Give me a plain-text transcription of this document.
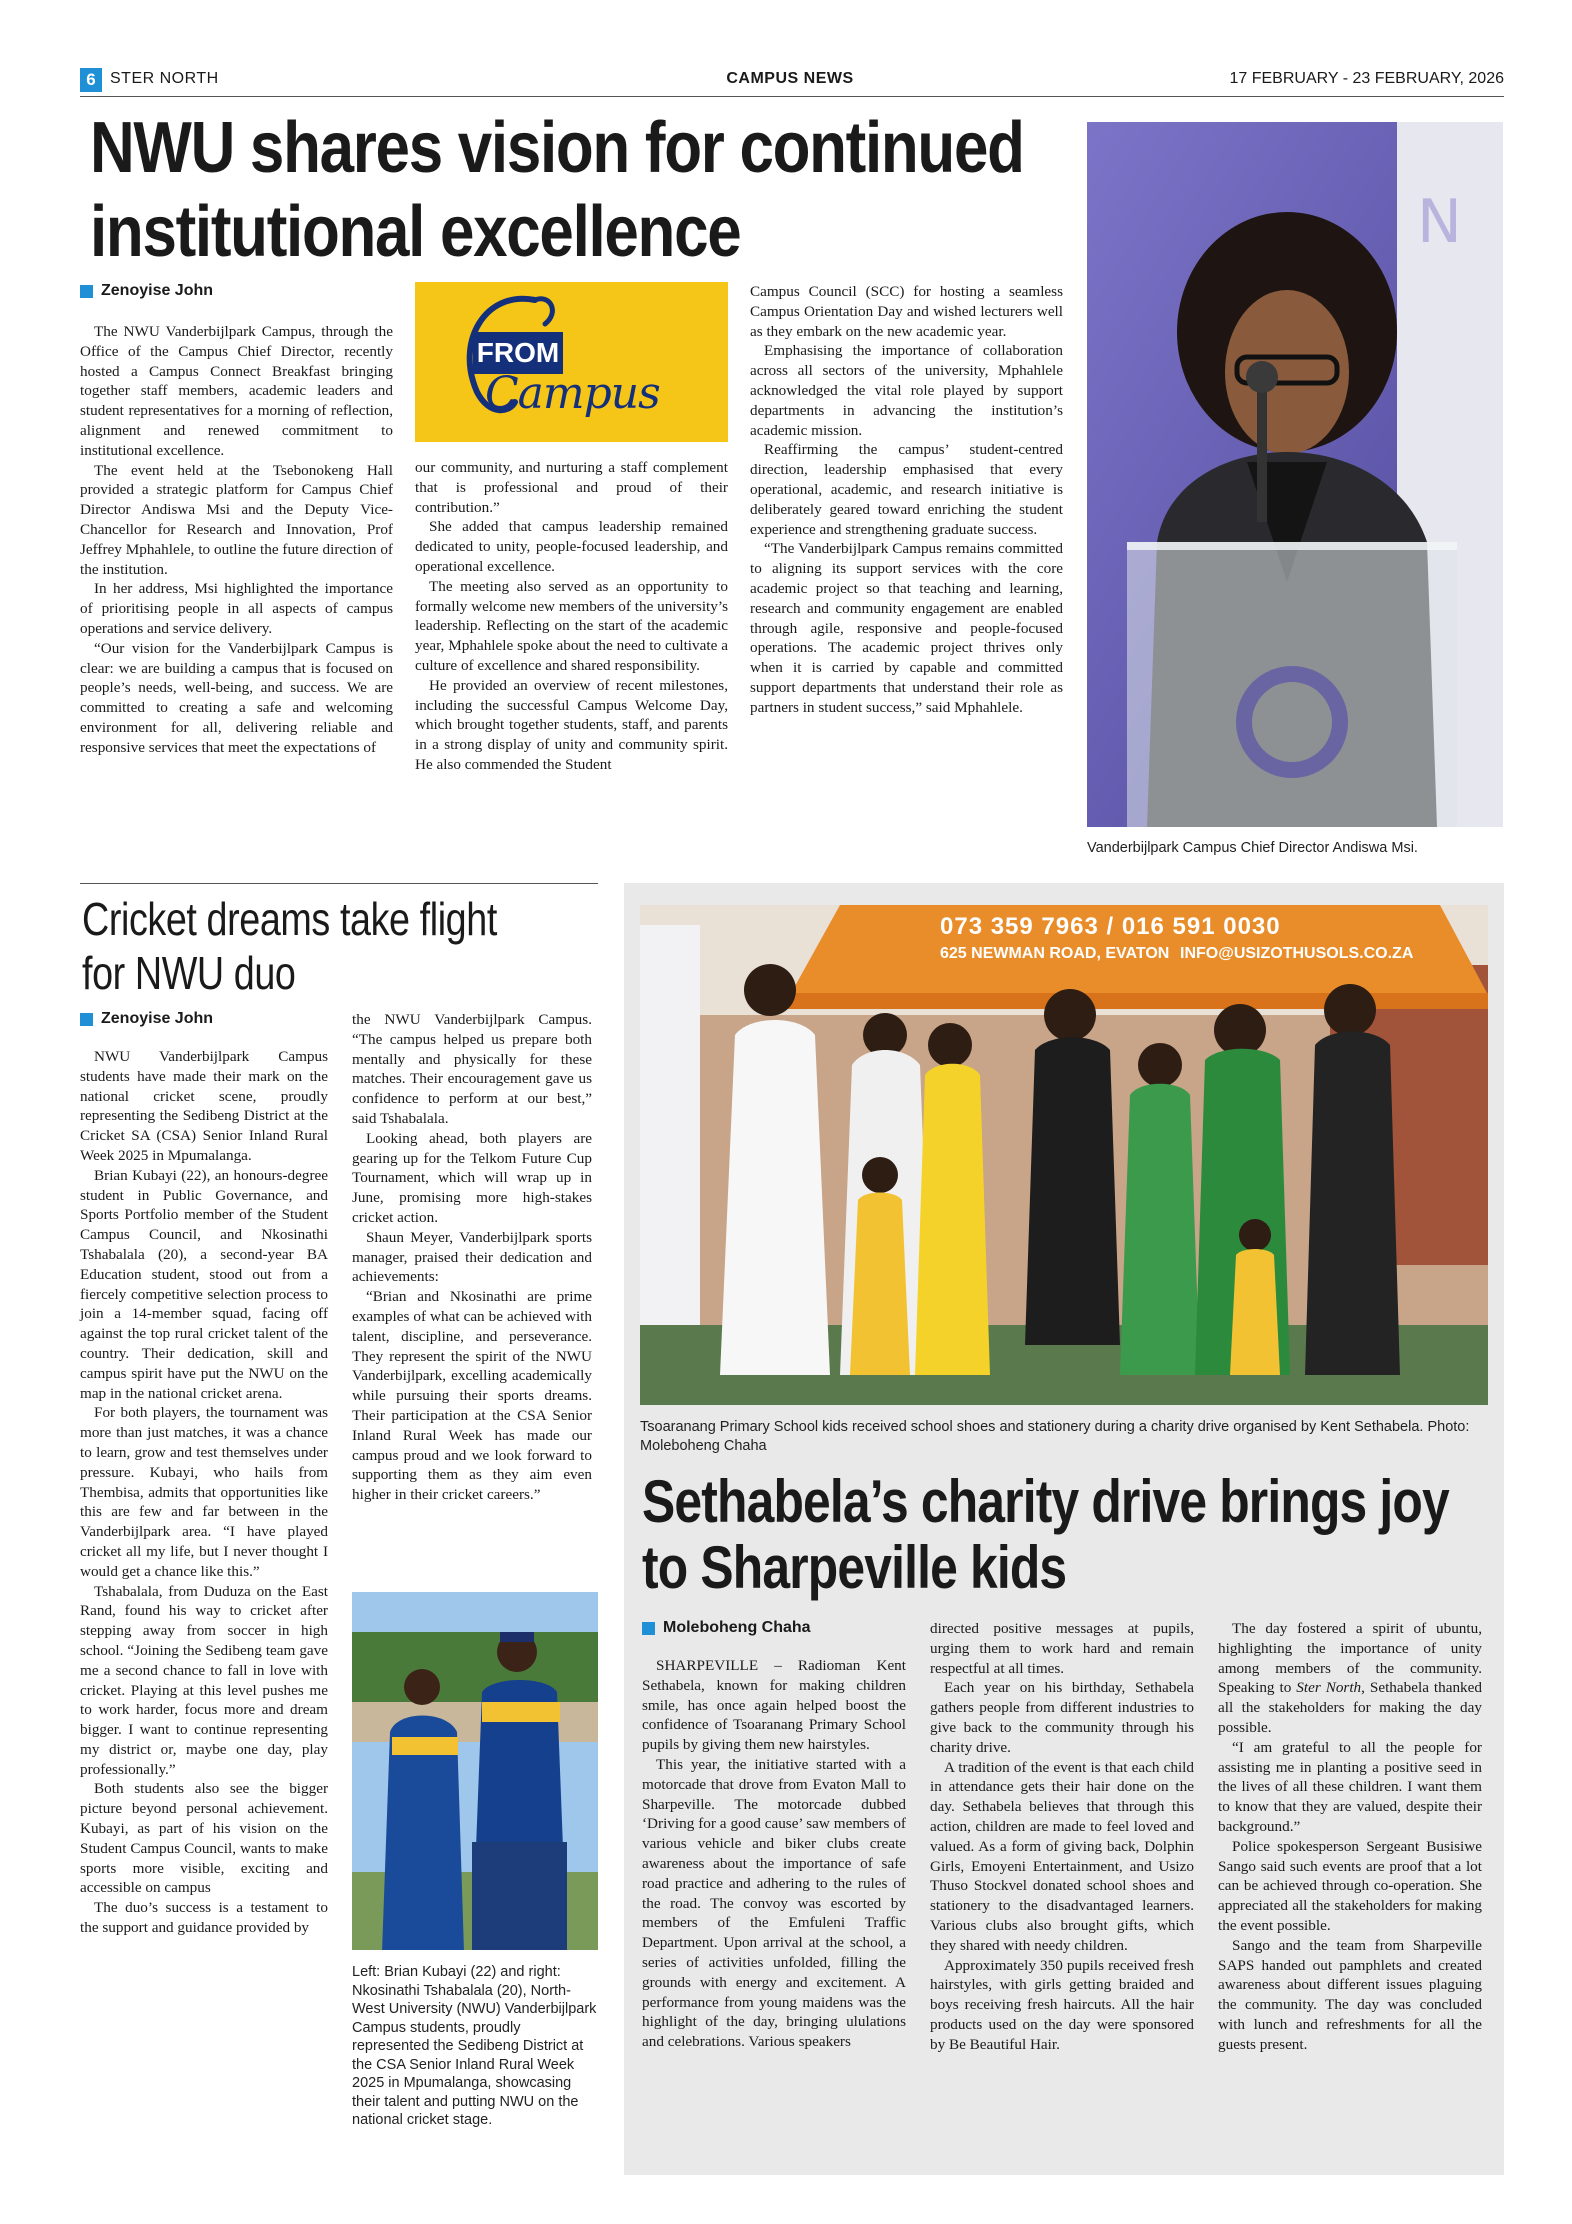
6 STER NORTH	CAMPUS NEWS	17 FEBRUARY - 23 FEBRUARY, 2026
NWU shares vision for continued
institutional excellence
Zenoyise John
FROM
Campus

The NWU Vanderbijlpark Campus, through the Office of the Campus Chief Director, recently hosted a Campus Connect Breakfast bringing together staff members, academic leaders and student representatives for a morning of reflection, alignment and renewed commitment to institutional excellence.

The event held at the Tsebonokeng Hall provided a strategic platform for Campus Chief Director Andiswa Msi and the Deputy Vice-Chancellor for Research and Innovation, Prof Jeffrey Mphahlele, to outline the future direction of the institution.

In her address, Msi highlighted the importance of prioritising people in all aspects of campus operations and service delivery.

“Our vision for the Vanderbijlpark Campus is clear: we are building a campus that is focused on people’s needs, well-being, and success. We are committed to creating a safe and welcoming environment for all, delivering reliable and responsive services that meet the expectations of

our community, and nurturing a staff complement that is professional and proud of their contribution.”

She added that campus leadership remained dedicated to unity, people-focused leadership, and operational excellence.

The meeting also served as an opportunity to formally welcome new members of the university’s leadership. Reflecting on the start of the academic year, Mphahlele spoke about the need to cultivate a culture of excellence and shared responsibility.

He provided an overview of recent milestones, including the successful Campus Welcome Day, which brought together students, staff, and parents in a strong display of unity and community spirit. He also commended the Student

Campus Council (SCC) for hosting a seamless Campus Orientation Day and wished lecturers well as they embark on the new academic year.

Emphasising the importance of collaboration across all sectors of the university, Mphahlele acknowledged the vital role played by support departments in advancing the institution’s academic mission.

Reaffirming the campus’ student-centred direction, leadership emphasised that every operational, academic, and research initiative is deliberately geared toward enriching the student experience and strengthening graduate success.

“The Vanderbijlpark Campus remains committed to aligning its support services with the core academic project so that teaching and learning, research and community engagement are enabled through agile, responsive and people-focused operations. The academic project thrives only when it is carried by capable and committed support departments that understand their role as partners in student success,” said Mphahlele.

N
Vanderbijlpark Campus Chief Director Andiswa Msi.
Cricket dreams take flight
for NWU duo
Zenoyise John

NWU Vanderbijlpark Campus students have made their mark on the national cricket scene, proudly representing the Sedibeng District at the Cricket SA (CSA) Senior Inland Rural Week 2025 in Mpumalanga.

Brian Kubayi (22), an honours-degree student in Public Governance, and Sports Portfolio member of the Student Campus Council, and Nkosinathi Tshabalala (20), a second-year BA Education student, stood out from a fiercely competitive selection process to join a 14-member squad, facing off against the top rural cricket talent of the country. Their dedication, skill and campus spirit have put the NWU on the map in the national cricket arena.

For both players, the tournament was more than just matches, it was a chance to learn, grow and test themselves under pressure. Kubayi, who hails from Thembisa, admits that opportunities like this are few and far between in the Vanderbijlpark area. “I have played cricket all my life, but I never thought I would get a chance like this.”

Tshabalala, from Duduza on the East Rand, found his way to cricket after stepping away from soccer in high school. “Joining the Sedibeng team gave me a second chance to fall in love with cricket. Playing at this level pushes me to work harder, focus more and dream bigger. I want to continue representing my district or, maybe one day, play professionally.”

Both students also see the bigger picture beyond personal achievement. Kubayi, as part of his vision on the Student Campus Council, wants to make sports more visible, exciting and accessible on campus

The duo’s success is a testament to the support and guidance provided by

the NWU Vanderbijlpark Campus. “The campus helped us prepare both mentally and physically for these matches. Their encouragement gave us confidence to perform at our best,” said Tshabalala.

Looking ahead, both players are gearing up for the Telkom Future Cup Tournament, which will wrap up in June, promising more high-stakes cricket action.

Shaun Meyer, Vanderbijlpark sports manager, praised their dedication and achievements:

“Brian and Nkosinathi are prime examples of what can be achieved with talent, discipline, and perseverance. They represent the spirit of the NWU Vanderbijlpark, excelling academically while pursuing their sports dreams. Their participation at the CSA Senior Inland Rural Week has made our campus proud and we look forward to supporting them as they aim even higher in their cricket careers.”

Left: Brian Kubayi (22) and right: Nkosinathi Tshabalala (20), North-West University (NWU) Vanderbijlpark Campus students, proudly represented the Sedibeng District at the CSA Senior Inland Rural Week 2025 in Mpumalanga, showcasing their talent and putting NWU on the national cricket stage.
073 359 7963 / 016 591 0030
625 NEWMAN ROAD, EVATON INFO@USIZOTHUSOLS.CO.ZA
Tsoaranang Primary School kids received school shoes and stationery during a charity drive organised by Kent Sethabela. Photo: Moleboheng Chaha
Sethabela’s charity drive brings joy
to Sharpeville kids
Moleboheng Chaha

SHARPEVILLE – Radioman Kent Sethabela, known for making children smile, has once again helped boost the confidence of Tsoaranang Primary School pupils by giving them new hairstyles.

This year, the initiative started with a motorcade that drove from Evaton Mall to Sharpeville. The motorcade dubbed ‘Driving for a good cause’ saw members of various vehicle and biker clubs create awareness about the importance of safe road practice and adhering to the rules of the road. The convoy was escorted by members of the Emfuleni Traffic Department. Upon arrival at the school, a series of activities unfolded, filling the grounds with energy and excitement. A performance from young maidens was the highlight of the day, bringing ululations and celebrations. Various speakers

directed positive messages at pupils, urging them to work hard and remain respectful at all times.

Each year on his birthday, Sethabela gathers people from different industries to give back to the community through his charity drive.

A tradition of the event is that each child in attendance gets their hair done on the day. Sethabela believes that through this action, children are made to feel loved and valued. As a form of giving back, Dolphin Girls, Emoyeni Entertainment, and Usizo Thuso Stockvel donated school shoes and stationery to the disadvantaged learners. Various clubs also brought gifts, which they shared with needy children.

Approximately 350 pupils received fresh hairstyles, with girls getting braided and boys receiving fresh haircuts. All the hair products used on the day were sponsored by Be Beautiful Hair.

The day fostered a spirit of ubuntu, highlighting the importance of unity among members of the community. Speaking to Ster North, Sethabela thanked all the stakeholders for making the day possible.

“I am grateful to all the people for assisting me in planting a positive seed in the lives of all these children. I want them to know that they are valued, despite their background.”

Police spokesperson Sergeant Busisiwe Sango said such events are proof that a lot can be achieved through co-operation. She appreciated all the stakeholders for making the event possible.

Sango and the team from Sharpeville SAPS handed out pamphlets and created awareness about different issues plaguing the community. The day was concluded with lunch and refreshments for all the guests present.
